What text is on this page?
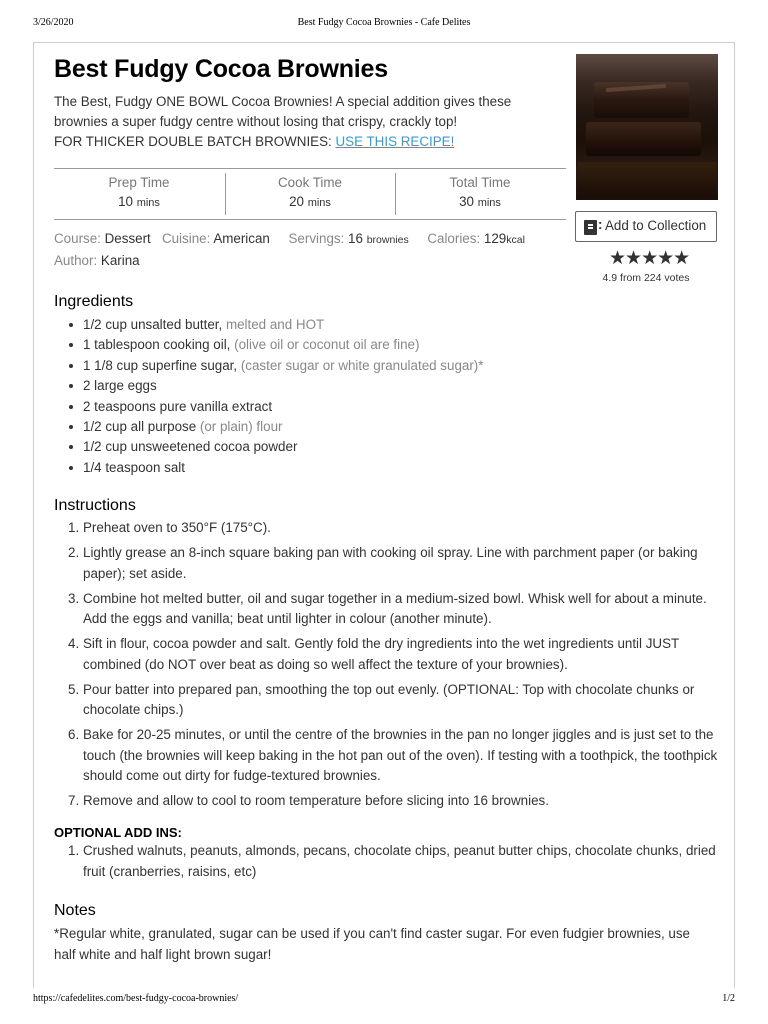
3/26/2020	Best Fudgy Cocoa Brownies - Cafe Delites
Best Fudgy Cocoa Brownies
The Best, Fudgy ONE BOWL Cocoa Brownies! A special addition gives these
brownies a super fudgy centre without losing that crispy, crackly top!
FOR THICKER DOUBLE BATCH BROWNIES: USE THIS RECIPE!
Prep Time
10 mins
Cook Time
20 mins
Total Time
30 mins
Course: Dessert Cuisine: American Servings: 16 brownies Calories: 129kcal
Author: Karina
: Add to Collection
★★★★★
4.9 from 224 votes
Ingredients
1/2 cup unsalted butter, melted and HOT
1 tablespoon cooking oil, (olive oil or coconut oil are fine)
1 1/8 cup superfine sugar, (caster sugar or white granulated sugar)*
2 large eggs
2 teaspoons pure vanilla extract
1/2 cup all purpose (or plain) flour
1/2 cup unsweetened cocoa powder
1/4 teaspoon salt
Instructions
1. Preheat oven to 350°F (175°C).
2. Lightly grease an 8-inch square baking pan with cooking oil spray. Line with parchment paper (or baking paper); set aside.
3. Combine hot melted butter, oil and sugar together in a medium-sized bowl. Whisk well for about a minute. Add the eggs and vanilla; beat until lighter in colour (another minute).
4. Sift in flour, cocoa powder and salt. Gently fold the dry ingredients into the wet ingredients until JUST combined (do NOT over beat as doing so well affect the texture of your brownies).
5. Pour batter into prepared pan, smoothing the top out evenly. (OPTIONAL: Top with chocolate chunks or chocolate chips.)
6. Bake for 20-25 minutes, or until the centre of the brownies in the pan no longer jiggles and is just set to the touch (the brownies will keep baking in the hot pan out of the oven). If testing with a toothpick, the toothpick should come out dirty for fudge-textured brownies.
7. Remove and allow to cool to room temperature before slicing into 16 brownies.
OPTIONAL ADD INS:
1. Crushed walnuts, peanuts, almonds, pecans, chocolate chips, peanut butter chips, chocolate chunks, dried fruit (cranberries, raisins, etc)
Notes
*Regular white, granulated, sugar can be used if you can't find caster sugar. For even fudgier brownies, use half white and half light brown sugar!
https://cafedelites.com/best-fudgy-cocoa-brownies/	1/2
